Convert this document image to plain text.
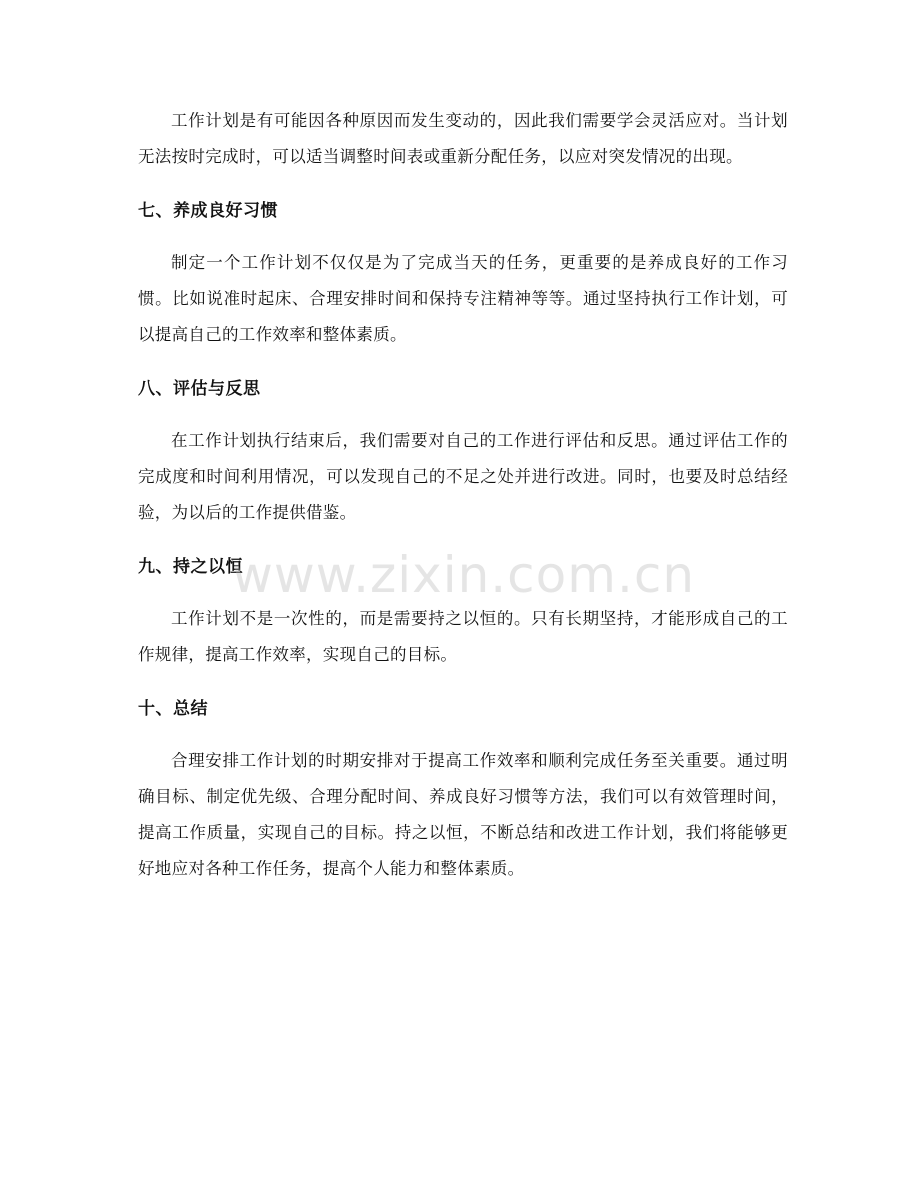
工作计划是有可能因各种原因而发生变动的，因此我们需要学会灵活应对。当计划无法按时完成时，可以适当调整时间表或重新分配任务，以应对突发情况的出现。

七、养成良好习惯

制定一个工作计划不仅仅是为了完成当天的任务，更重要的是养成良好的工作习惯。比如说准时起床、合理安排时间和保持专注精神等等。通过坚持执行工作计划，可以提高自己的工作效率和整体素质。

八、评估与反思

在工作计划执行结束后，我们需要对自己的工作进行评估和反思。通过评估工作的完成度和时间利用情况，可以发现自己的不足之处并进行改进。同时，也要及时总结经验，为以后的工作提供借鉴。

九、持之以恒

工作计划不是一次性的，而是需要持之以恒的。只有长期坚持，才能形成自己的工作规律，提高工作效率，实现自己的目标。

十、总结

合理安排工作计划的时期安排对于提高工作效率和顺利完成任务至关重要。通过明确目标、制定优先级、合理分配时间、养成良好习惯等方法，我们可以有效管理时间，提高工作质量，实现自己的目标。持之以恒，不断总结和改进工作计划，我们将能够更好地应对各种工作任务，提高个人能力和整体素质。

www.zixin.com.cn
